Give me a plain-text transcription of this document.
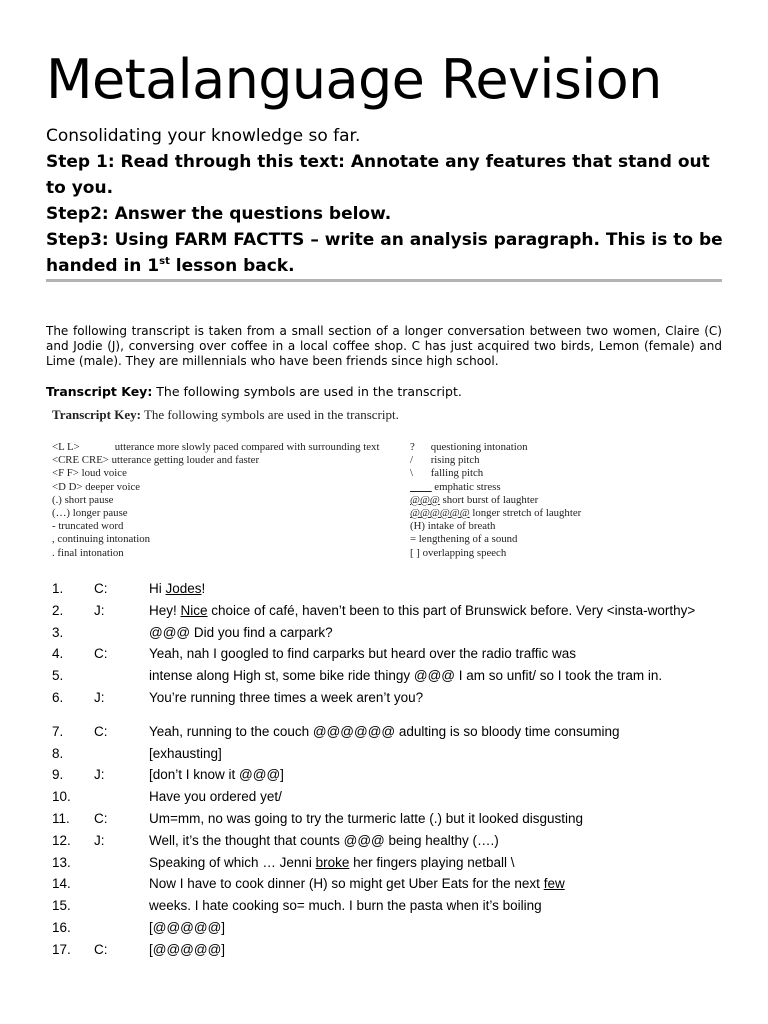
Metalanguage Revision
Consolidating your knowledge so far.
Step 1: Read through this text: Annotate any features that stand out to you.
Step2: Answer the questions below.
Step3: Using FARM FACTTS – write an analysis paragraph. This is to be handed in 1st lesson back.

The following transcript is taken from a small section of a longer conversation between two women, Claire (C) and Jodie (J), conversing over coffee in a local coffee shop. C has just acquired two birds, Lemon (female) and Lime (male). They are millennials who have been friends since high school.

Transcript Key: The following symbols are used in the transcript.

Transcript Key: The following symbols are used in the transcript.
<L L>	utterance more slowly paced compared with surrounding text
<CRE CRE> utterance getting louder and faster
<F F> loud voice
<D D> deeper voice
(.) short pause
(…) longer pause
- truncated word
, continuing intonation
. final intonation
? questioning intonation
/ rising pitch
\ falling pitch
____ emphatic stress
@@@ short burst of laughter
@@@@@@ longer stretch of laughter
(H) intake of breath
= lengthening of a sound
[ ] overlapping speech
1. C:	Hi Jodes!
2. J:	Hey! Nice choice of café, haven’t been to this part of Brunswick before. Very <insta-worthy>
3.	@@@ Did you find a carpark?
4. C:	Yeah, nah I googled to find carparks but heard over the radio traffic was
5.	intense along High st, some bike ride thingy @@@ I am so unfit/ so I took the tram in.
6. J:	You’re running three times a week aren’t you?
7. C:	Yeah, running to the couch @@@@@@ adulting is so bloody time consuming
8.	[exhausting]
9. J:	[don’t I know it @@@]
10.	Have you ordered yet/
11. C:	Um=mm, no was going to try the turmeric latte (.) but it looked disgusting
12. J:	Well, it’s the thought that counts @@@ being healthy (….)
13.	Speaking of which … Jenni broke her fingers playing netball \
14.	Now I have to cook dinner (H) so might get Uber Eats for the next few
15.	weeks. I hate cooking so= much. I burn the pasta when it’s boiling
16.	[@@@@@]
17. C:	[@@@@@]
